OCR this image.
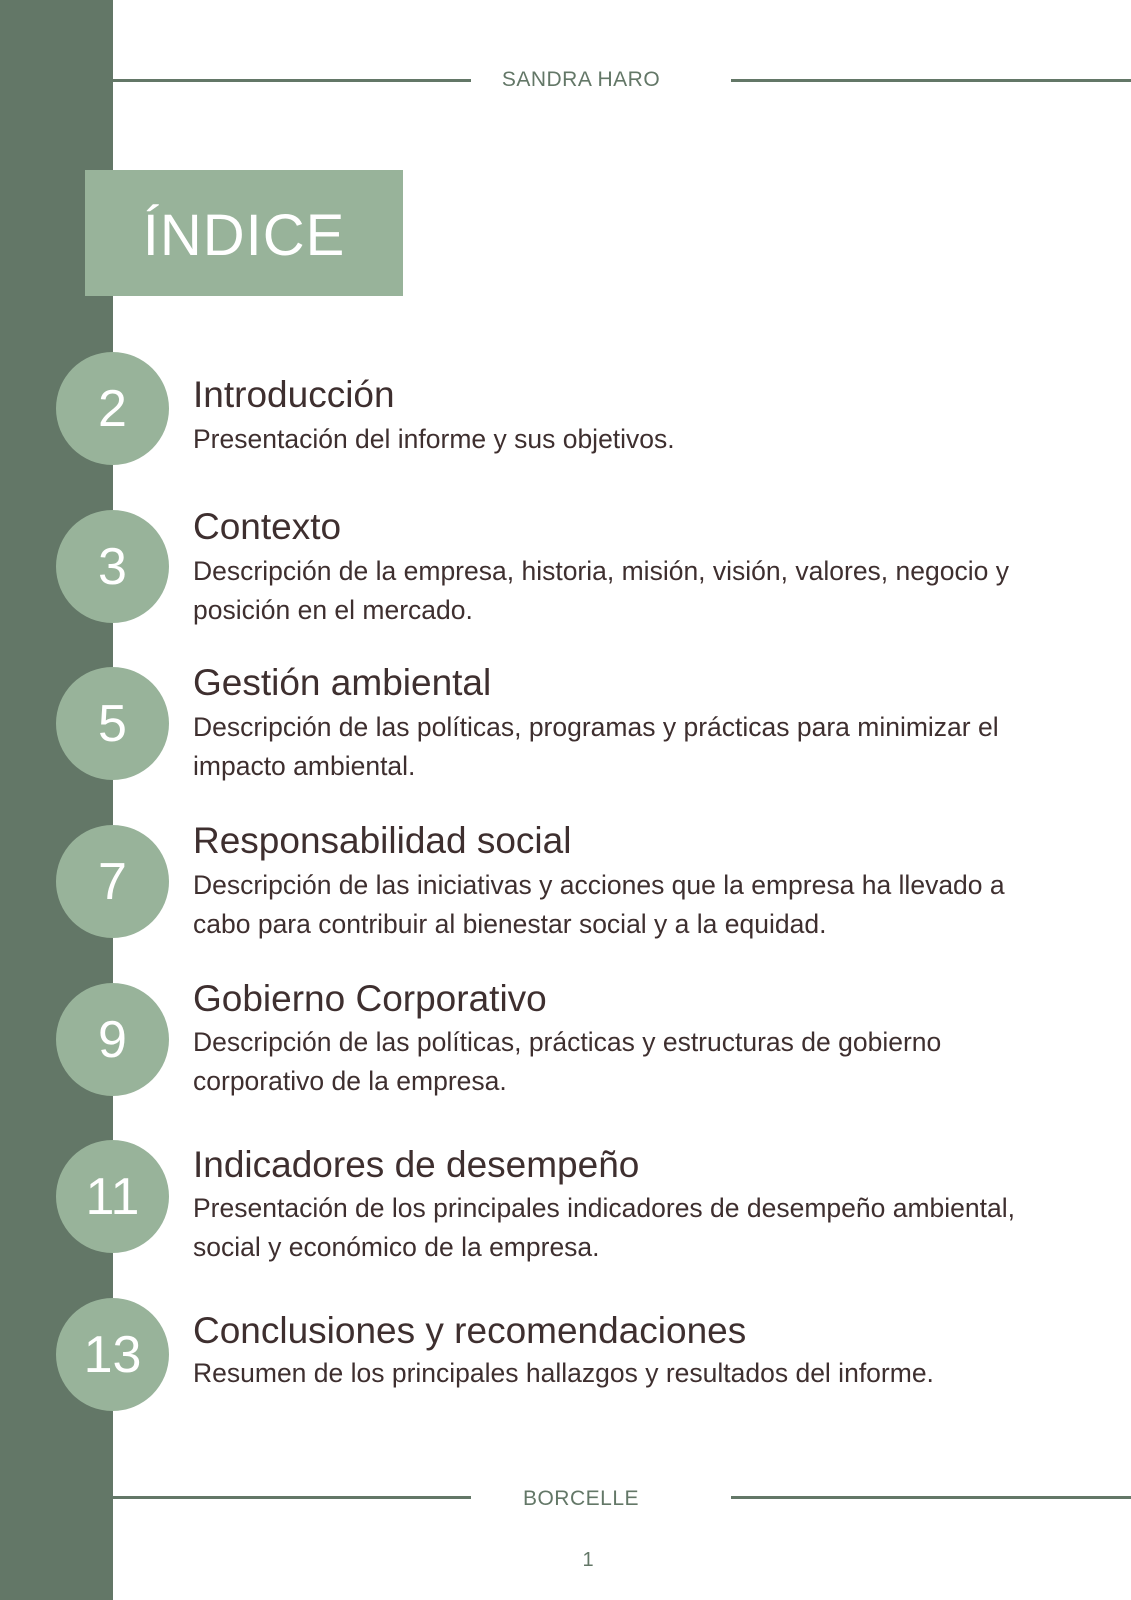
SANDRA HARO
ÍNDICE
2 Introducción
Presentación del informe y sus objetivos.
3
Contexto
Descripción de la empresa, historia, misión, visión, valores, negocio y posición en el mercado.
5
Gestión ambiental
Descripción de las políticas, programas y prácticas para minimizar el impacto ambiental.
7
Responsabilidad social
Descripción de las iniciativas y acciones que la empresa ha llevado a cabo para contribuir al bienestar social y a la equidad.
9
Gobierno Corporativo
Descripción de las políticas, prácticas y estructuras de gobierno corporativo de la empresa.
11
Indicadores de desempeño
Presentación de los principales indicadores de desempeño ambiental, social y económico de la empresa.
13 Conclusiones y recomendaciones
Resumen de los principales hallazgos y resultados del informe.
BORCELLE
1
